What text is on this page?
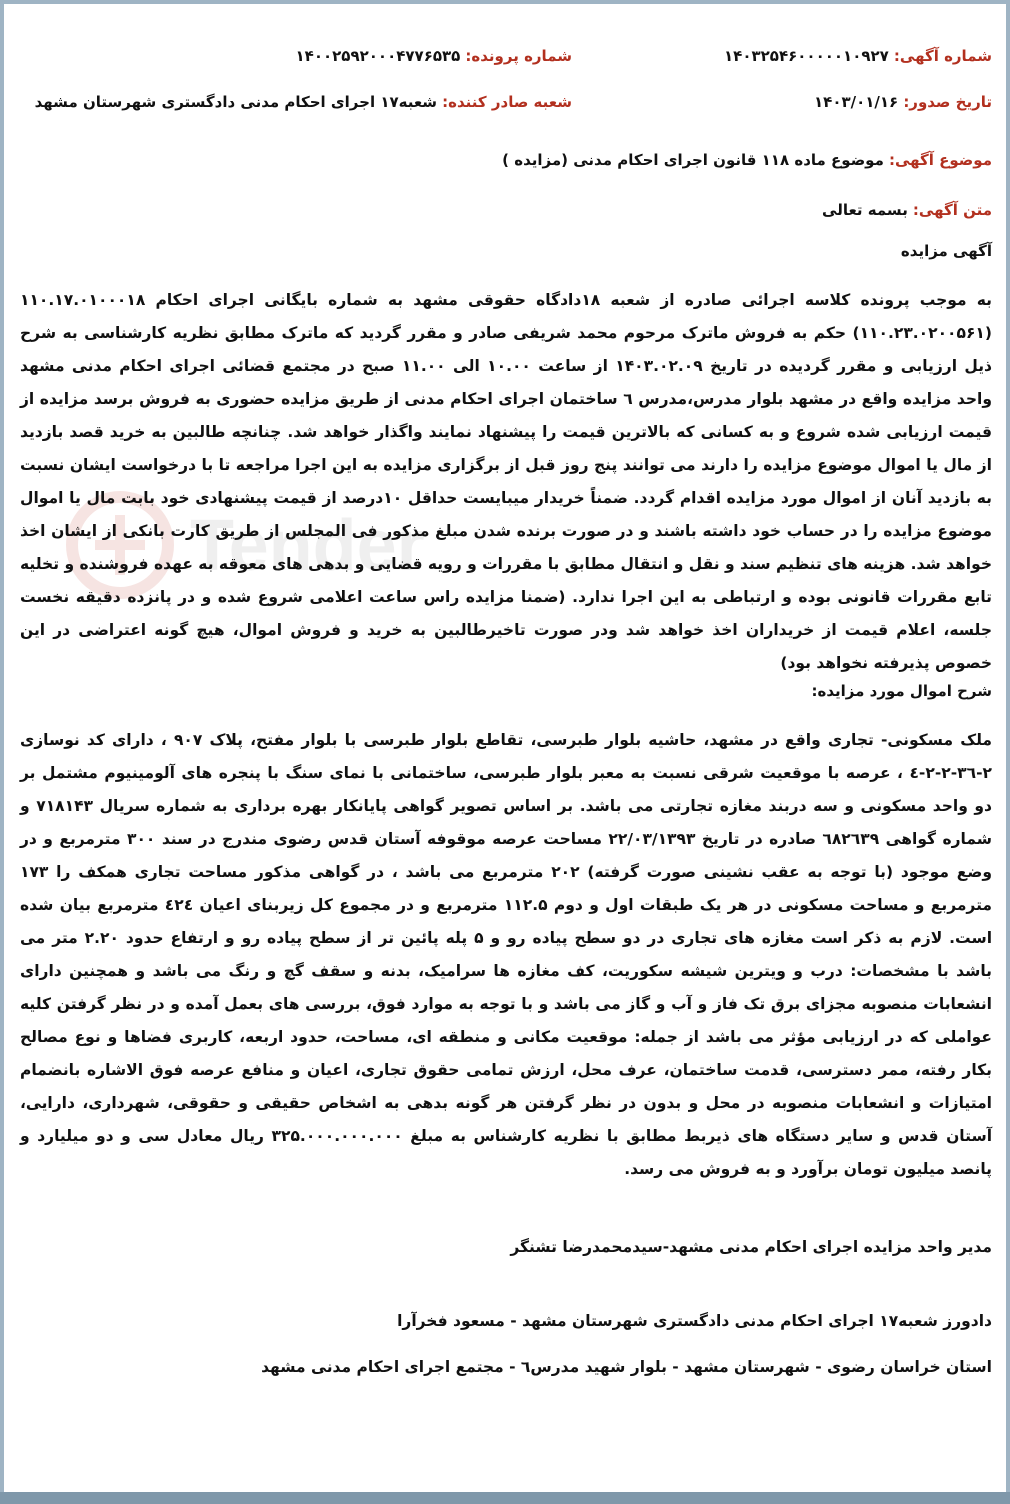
Tender
شماره آگهی: ۱۴۰۳۲۵۴۶۰۰۰۰۰۱۰۹۲۷
شماره پرونده: ۱۴۰۰۲۵۹۲۰۰۰۴۷۷۶۵۳۵
تاریخ صدور: ۱۴۰۳/۰۱/۱۶
شعبه صادر کننده: شعبه۱۷ اجرای احکام مدنی دادگستری شهرستان مشهد
موضوع آگهی: موضوع ماده ۱۱۸ قانون اجرای احکام مدنی (مزایده )
متن آگهی: بسمه تعالی
آگهی مزایده
به موجب پرونده کلاسه اجرائی صادره از شعبه ۱۸دادگاه حقوقی مشهد به شماره بایگانی اجرای احکام ۱۱۰.۱۷.۰۱۰۰۰۱۸ (۱۱۰.۲۳.۰۲۰۰۵۶۱) حکم به فروش ماترک مرحوم محمد شریفی صادر و مقرر گردید که ماترک مطابق نظریه کارشناسی به شرح ذیل ارزیابی و مقرر گردیده در تاریخ ۱۴۰۳.۰۲.۰۹ از ساعت ۱۰.۰۰ الی ۱۱.۰۰ صبح در مجتمع قضائی اجرای احکام مدنی مشهد واحد مزایده واقع در مشهد بلوار مدرس،مدرس ٦ ساختمان اجرای احکام مدنی از طریق مزایده حضوری به فروش برسد مزایده از قیمت ارزیابی شده شروع و به کسانی که بالاترین قیمت را پیشنهاد نمایند واگذار خواهد شد. چنانچه طالبین به خرید قصد بازدید از مال یا اموال موضوع مزایده را دارند می توانند پنج روز قبل از برگزاری مزایده به این اجرا مراجعه تا با درخواست ایشان نسبت به بازدید آنان از اموال مورد مزایده اقدام گردد. ضمناً خریدار میبایست حداقل ۱۰درصد از قیمت پیشنهادی خود بابت مال یا اموال موضوع مزایده را در حساب خود داشته باشند و در صورت برنده شدن مبلغ مذکور فی المجلس از طریق کارت بانکی از ایشان اخذ خواهد شد. هزینه های تنظیم سند و نقل و انتقال مطابق با مقررات و رویه قضایی و بدهی های معوقه به عهده فروشنده و تخلیه تابع مقررات قانونی بوده و ارتباطی به این اجرا ندارد. (ضمنا مزایده راس ساعت اعلامی شروع شده و در پانزده دقیقه نخست جلسه، اعلام قیمت از خریداران اخذ خواهد شد ودر صورت تاخیرطالبین به خرید و فروش اموال، هیچ گونه اعتراضی در این خصوص پذیرفته نخواهد بود)
شرح اموال مورد مزایده:
ملک مسکونی- تجاری واقع در مشهد، حاشیه بلوار طبرسی، تقاطع بلوار طبرسی با بلوار مفتح، پلاک ۹۰۷ ، دارای کد نوسازی ۲-۳٦-۲-۲-٤ ، عرصه با موقعیت شرقی نسبت به معبر بلوار طبرسی، ساختمانی با نمای سنگ با پنجره های آلومینیوم مشتمل بر دو واحد مسکونی و سه دربند مغازه تجارتی می باشد. بر اساس تصویر گواهی پایانکار بهره برداری به شماره سریال ۷۱۸۱۴۳ و شماره گواهی ٦۸۲٦۳۹ صادره در تاریخ ۲۲/۰۳/۱۳۹۳ مساحت عرصه موقوفه آستان قدس رضوی مندرج در سند ۳۰۰ مترمربع و در وضع موجود (با توجه به عقب نشینی صورت گرفته) ۲۰۲ مترمربع می باشد ، در گواهی مذکور مساحت تجاری همکف را ۱۷۳ مترمربع و مساحت مسکونی در هر یک طبقات اول و دوم ۱۱۲.۵ مترمربع و در مجموع کل زیربنای اعیان ٤۲٤ مترمربع بیان شده است. لازم به ذکر است مغازه های تجاری در دو سطح پیاده رو و ۵ پله پائین تر از سطح پیاده رو و ارتفاع حدود ۲.۲۰ متر می باشد با مشخصات: درب و ویترین شیشه سکوریت، کف مغازه ها سرامیک، بدنه و سقف گچ و رنگ می باشد و همچنین دارای انشعابات منصوبه مجزای برق تک فاز و آب و گاز می باشد و با توجه به موارد فوق، بررسی های بعمل آمده و در نظر گرفتن کلیه عواملی که در ارزیابی مؤثر می باشد از جمله: موقعیت مکانی و منطقه ای، مساحت، حدود اربعه، کاربری فضاها و نوع مصالح بکار رفته، ممر دسترسی، قدمت ساختمان، عرف محل، ارزش تمامی حقوق تجاری، اعیان و منافع عرصه فوق الاشاره بانضمام امتیازات و انشعابات منصوبه در محل و بدون در نظر گرفتن هر گونه بدهی به اشخاص حقیقی و حقوقی، شهرداری، دارایی، آستان قدس و سایر دستگاه های ذیربط مطابق با نظریه کارشناس به مبلغ ۳۲۵.۰۰۰.۰۰۰.۰۰۰ ریال معادل سی و دو میلیارد و پانصد میلیون تومان برآورد و به فروش می رسد.
مدیر واحد مزایده اجرای احکام مدنی مشهد-سیدمحمدرضا تشنگر
دادورز شعبه۱۷ اجرای احکام مدنی دادگستری شهرستان مشهد - مسعود فخرآرا
استان خراسان رضوی - شهرستان مشهد - بلوار شهید مدرس٦ - مجتمع اجرای احکام مدنی مشهد
